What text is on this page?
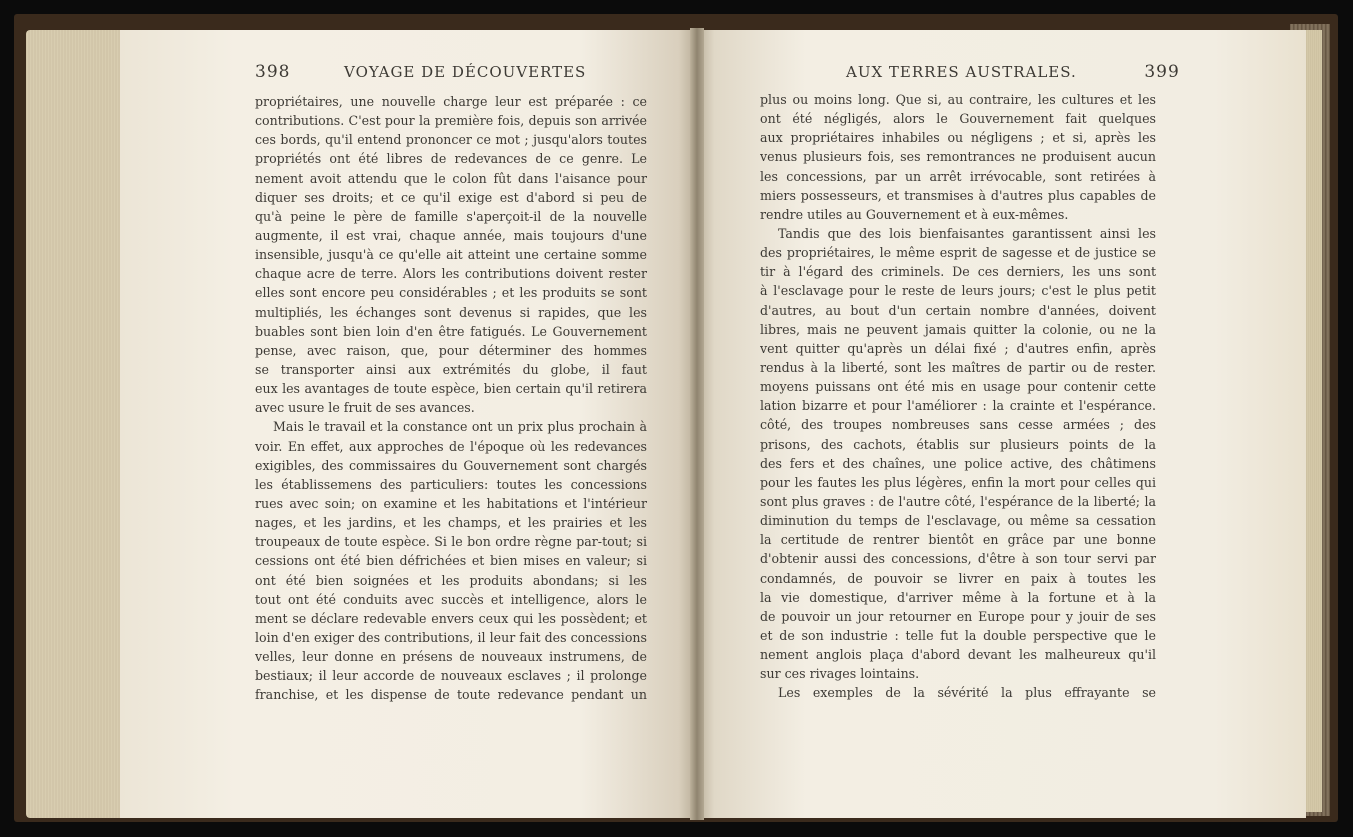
398	VOYAGE DE DÉCOUVERTES	AUX TERRES AUSTRALES.	399
propriétaires, une nouvelle charge leur est préparée : ce
contributions. C'est pour la première fois, depuis son arrivée
ces bords, qu'il entend prononcer ce mot ; jusqu'alors toutes
propriétés ont été libres de redevances de ce genre. Le
nement avoit attendu que le colon fût dans l'aisance pour
diquer ses droits; et ce qu'il exige est d'abord si peu de
qu'à peine le père de famille s'aperçoit-il de la nouvelle
augmente, il est vrai, chaque année, mais toujours d'une
insensible, jusqu'à ce qu'elle ait atteint une certaine somme
chaque acre de terre. Alors les contributions doivent rester
elles sont encore peu considérables ; et les produits se sont
multipliés, les échanges sont devenus si rapides, que les
buables sont bien loin d'en être fatigués. Le Gouvernement
pense, avec raison, que, pour déterminer des hommes
se transporter ainsi aux extrémités du globe, il faut
eux les avantages de toute espèce, bien certain qu'il retirera
avec usure le fruit de ses avances.
Mais le travail et la constance ont un prix plus prochain à
voir. En effet, aux approches de l'époque où les redevances
exigibles, des commissaires du Gouvernement sont chargés
les établissemens des particuliers: toutes les concessions
rues avec soin; on examine et les habitations et l'intérieur
nages, et les jardins, et les champs, et les prairies et les
troupeaux de toute espèce. Si le bon ordre règne par-tout; si
cessions ont été bien défrichées et bien mises en valeur; si
ont été bien soignées et les produits abondans; si les
tout ont été conduits avec succès et intelligence, alors le
ment se déclare redevable envers ceux qui les possèdent; et
loin d'en exiger des contributions, il leur fait des concessions
velles, leur donne en présens de nouveaux instrumens, de
bestiaux; il leur accorde de nouveaux esclaves ; il prolonge
franchise, et les dispense de toute redevance pendant un
plus ou moins long. Que si, au contraire, les cultures et les
ont été négligés, alors le Gouvernement fait quelques
aux propriétaires inhabiles ou négligens ; et si, après les
venus plusieurs fois, ses remontrances ne produisent aucun
les concessions, par un arrêt irrévocable, sont retirées à
miers possesseurs, et transmises à d'autres plus capables de
rendre utiles au Gouvernement et à eux-mêmes.
Tandis que des lois bienfaisantes garantissent ainsi les
des propriétaires, le même esprit de sagesse et de justice se
tir à l'égard des criminels. De ces derniers, les uns sont
à l'esclavage pour le reste de leurs jours; c'est le plus petit
d'autres, au bout d'un certain nombre d'années, doivent
libres, mais ne peuvent jamais quitter la colonie, ou ne la
vent quitter qu'après un délai fixé ; d'autres enfin, après
rendus à la liberté, sont les maîtres de partir ou de rester.
moyens puissans ont été mis en usage pour contenir cette
lation bizarre et pour l'améliorer : la crainte et l'espérance.
côté, des troupes nombreuses sans cesse armées ; des
prisons, des cachots, établis sur plusieurs points de la
des fers et des chaînes, une police active, des châtimens
pour les fautes les plus légères, enfin la mort pour celles qui
sont plus graves : de l'autre côté, l'espérance de la liberté; la
diminution du temps de l'esclavage, ou même sa cessation
la certitude de rentrer bientôt en grâce par une bonne
d'obtenir aussi des concessions, d'être à son tour servi par
condamnés, de pouvoir se livrer en paix à toutes les
la vie domestique, d'arriver même à la fortune et à la
de pouvoir un jour retourner en Europe pour y jouir de ses
et de son industrie : telle fut la double perspective que le
nement anglois plaça d'abord devant les malheureux qu'il
sur ces rivages lointains.
Les exemples de la sévérité la plus effrayante se
